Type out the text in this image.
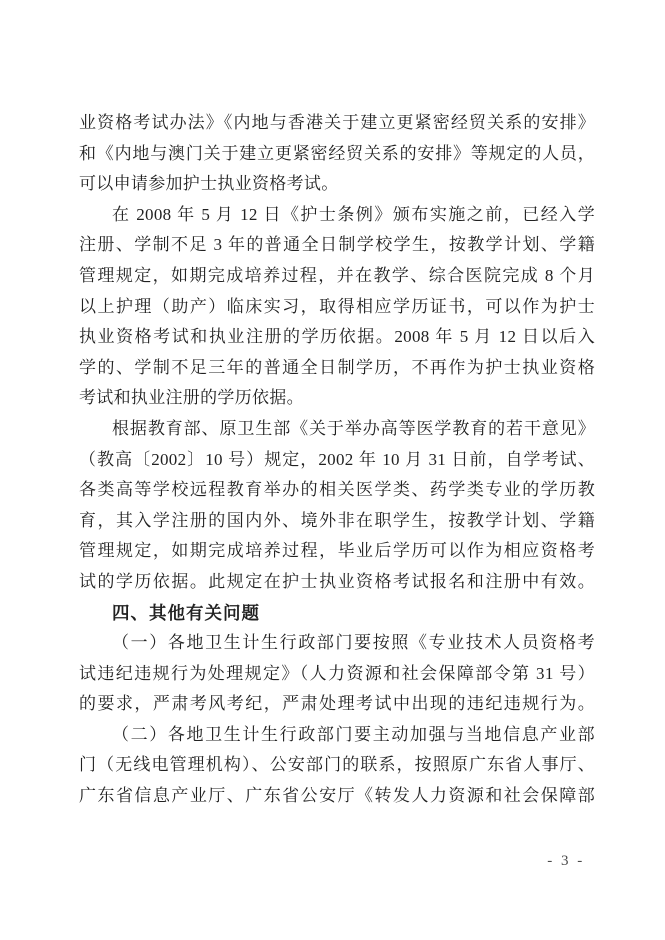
业资格考试办法》《内地与香港关于建立更紧密经贸关系的安排》
和《内地与澳门关于建立更紧密经贸关系的安排》等规定的人员，
可以申请参加护士执业资格考试。
在 2008 年 5 月 12 日《护士条例》颁布实施之前，已经入学
注册、学制不足 3 年的普通全日制学校学生，按教学计划、学籍
管理规定，如期完成培养过程，并在教学、综合医院完成 8 个月
以上护理（助产）临床实习，取得相应学历证书，可以作为护士
执业资格考试和执业注册的学历依据。2008 年 5 月 12 日以后入
学的、学制不足三年的普通全日制学历，不再作为护士执业资格
考试和执业注册的学历依据。
根据教育部、原卫生部《关于举办高等医学教育的若干意见》
（教高〔2002〕10 号）规定，2002 年 10 月 31 日前，自学考试、
各类高等学校远程教育举办的相关医学类、药学类专业的学历教
育，其入学注册的国内外、境外非在职学生，按教学计划、学籍
管理规定，如期完成培养过程，毕业后学历可以作为相应资格考
试的学历依据。此规定在护士执业资格考试报名和注册中有效。
四、其他有关问题
（一）各地卫生计生行政部门要按照《专业技术人员资格考
试违纪违规行为处理规定》（人力资源和社会保障部令第 31 号）
的要求，严肃考风考纪，严肃处理考试中出现的违纪违规行为。
（二）各地卫生计生行政部门要主动加强与当地信息产业部
门（无线电管理机构）、公安部门的联系，按照原广东省人事厅、
广东省信息产业厅、广东省公安厅《转发人力资源和社会保障部
- 3 -
